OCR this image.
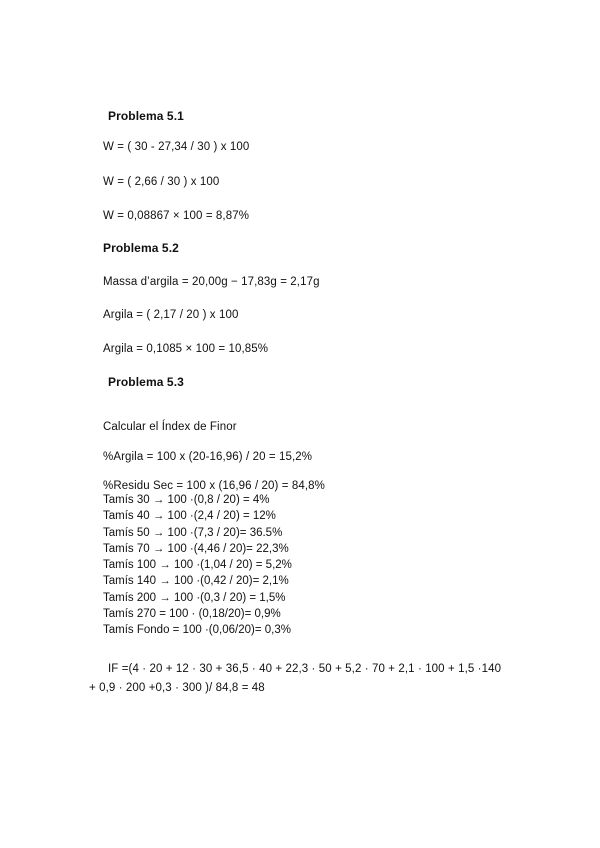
Problema 5.1
W = ( 30 - 27,34 / 30 ) x 100
W = ( 2,66 / 30 ) x 100
W = 0,08867 × 100 = 8,87%
Problema 5.2
Massa d’argila = 20,00g − 17,83g = 2,17g
Argila = ( 2,17 / 20 ) x 100
Argila = 0,1085 × 100 = 10,85%
Problema 5.3
Calcular el Índex de Finor
%Argila = 100 x (20-16,96) / 20 = 15,2%
%Residu Sec = 100 x (16,96 / 20) = 84,8%
Tamís 30 → 100 ·(0,8 / 20) = 4%
Tamís 40 → 100 ·(2,4 / 20) = 12%
Tamís 50 → 100 ·(7,3 / 20)= 36.5%
Tamís 70 → 100 ·(4,46 / 20)= 22,3%
Tamís 100 → 100 ·(1,04 / 20) = 5,2%
Tamís 140 → 100 ·(0,42 / 20)= 2,1%
Tamís 200 → 100 ·(0,3 / 20) = 1,5%
Tamís 270 = 100 · (0,18/20)= 0,9%
Tamís Fondo = 100 ·(0,06/20)= 0,3%
IF =(4 · 20 + 12 · 30 + 36,5 · 40 + 22,3 · 50 + 5,2 · 70 + 2,1 · 100 + 1,5 ·140
+ 0,9 · 200 +0,3 · 300 )/ 84,8 = 48
